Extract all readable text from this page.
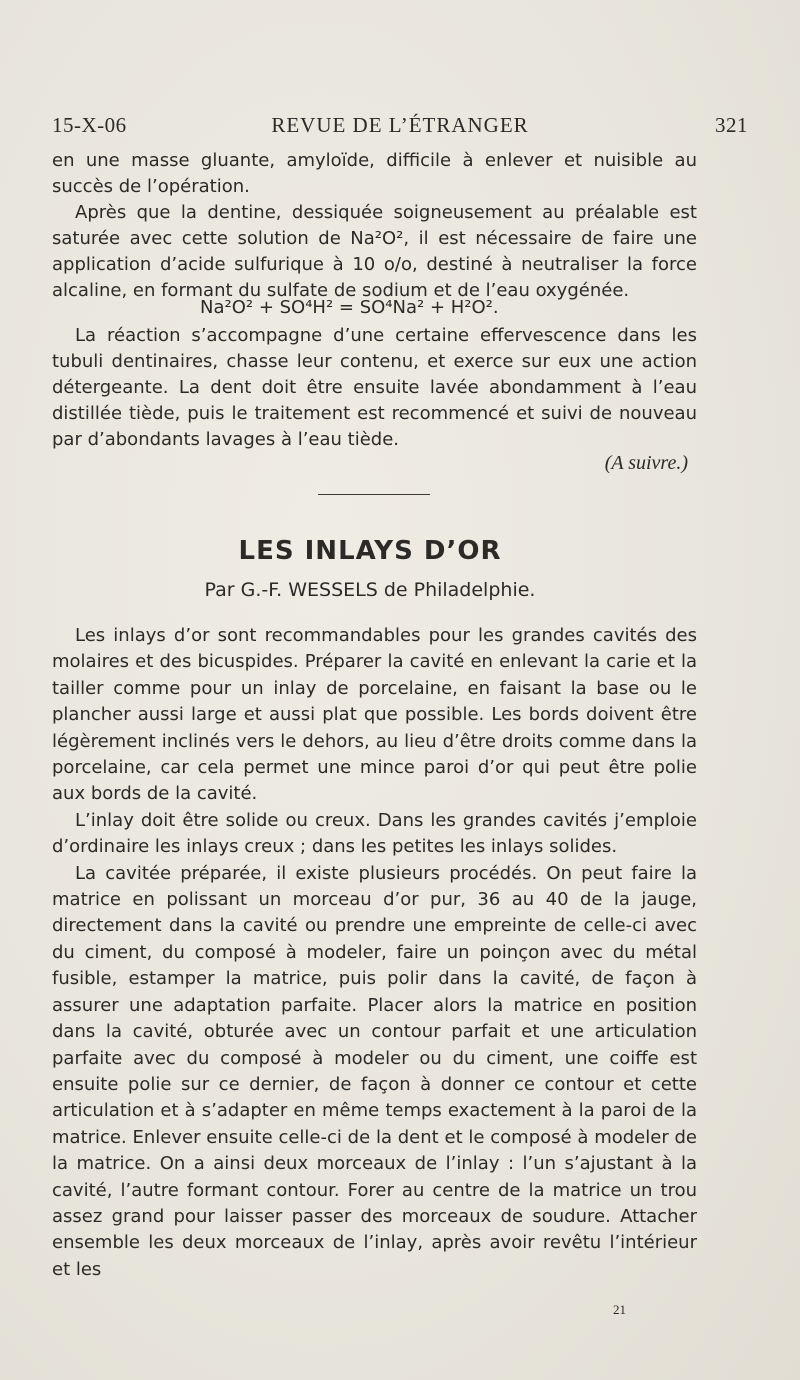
15-X-06	REVUE DE L’ÉTRANGER	321

en une masse gluante, amyloïde, difficile à enlever et nuisible au succès de l’opération.

Après que la dentine, dessiquée soigneusement au préalable est saturée avec cette solution de Na²O², il est nécessaire de faire une application d’acide sulfurique à 10 o/o, destiné à neutraliser la force alcaline, en formant du sulfate de sodium et de l’eau oxygénée.

Na²O² + SO⁴H² = SO⁴Na² + H²O².

La réaction s’accompagne d’une certaine effervescence dans les tubuli dentinaires, chasse leur contenu, et exerce sur eux une action détergeante. La dent doit être ensuite lavée abondamment à l’eau distillée tiède, puis le traitement est recommencé et suivi de nouveau par d’abondants lavages à l’eau tiède.

(A suivre.)
LES INLAYS D’OR
Par G.-F. WESSELS de Philadelphie.

Les inlays d’or sont recommandables pour les grandes cavités des molaires et des bicuspides. Préparer la cavité en enlevant la carie et la tailler comme pour un inlay de porcelaine, en faisant la base ou le plancher aussi large et aussi plat que possible. Les bords doivent être légèrement inclinés vers le dehors, au lieu d’être droits comme dans la porcelaine, car cela permet une mince paroi d’or qui peut être polie aux bords de la cavité.

L’inlay doit être solide ou creux. Dans les grandes cavités j’emploie d’ordinaire les inlays creux ; dans les petites les inlays solides.

La cavitée préparée, il existe plusieurs procédés. On peut faire la matrice en polissant un morceau d’or pur, 36 au 40 de la jauge, directement dans la cavité ou prendre une empreinte de celle-ci avec du ciment, du composé à modeler, faire un poinçon avec du métal fusible, estamper la matrice, puis polir dans la cavité, de façon à assurer une adaptation parfaite. Placer alors la matrice en position dans la cavité, obturée avec un contour parfait et une articulation parfaite avec du composé à modeler ou du ciment, une coiffe est ensuite polie sur ce dernier, de façon à donner ce contour et cette articulation et à s’adapter en même temps exactement à la paroi de la matrice. Enlever ensuite celle-ci de la dent et le composé à modeler de la matrice. On a ainsi deux morceaux de l’inlay : l’un s’ajustant à la cavité, l’autre formant contour. Forer au centre de la matrice un trou assez grand pour laisser passer des morceaux de soudure. Attacher ensemble les deux morceaux de l’inlay, après avoir revêtu l’intérieur et les

21
